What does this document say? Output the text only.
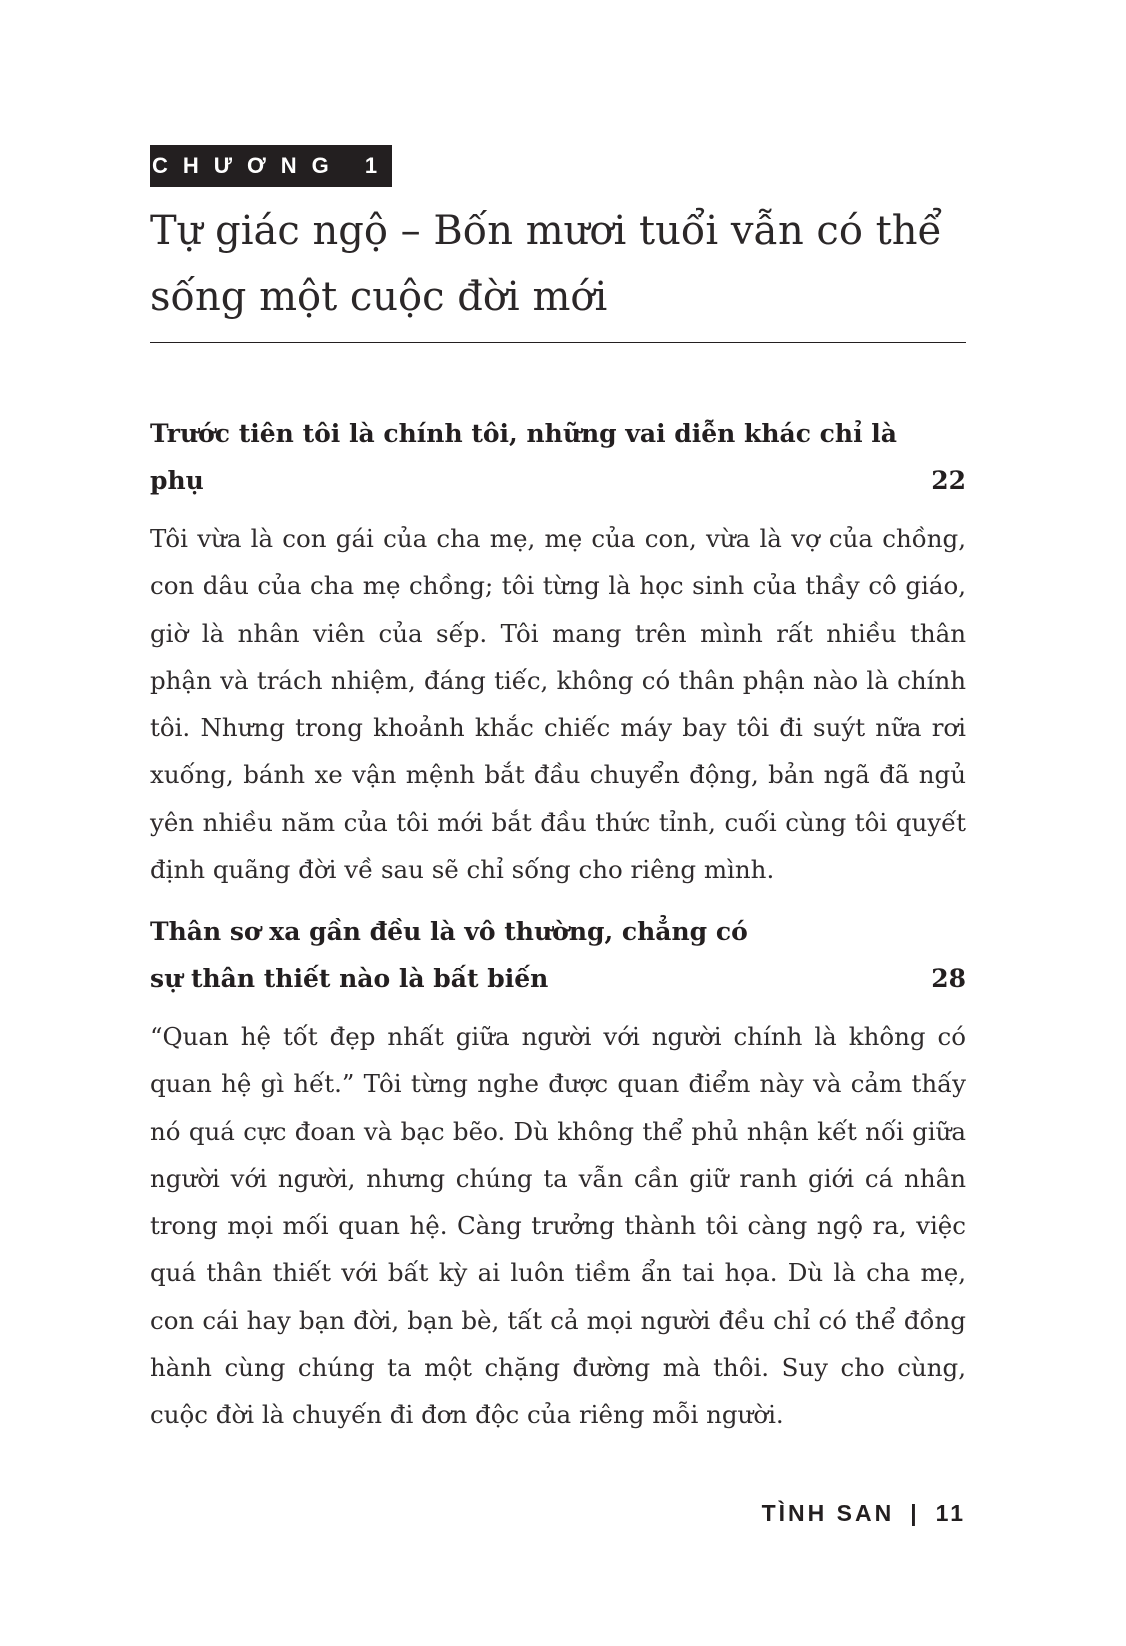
CHƯƠNG 1
Tự giác ngộ – Bốn mươi tuổi vẫn có thể sống một cuộc đời mới
Trước tiên tôi là chính tôi, những vai diễn khác chỉ là phụ	22

Tôi vừa là con gái của cha mẹ, mẹ của con, vừa là vợ của chồng, con dâu của cha mẹ chồng; tôi từng là học sinh của thầy cô giáo, giờ là nhân viên của sếp. Tôi mang trên mình rất nhiều thân phận và trách nhiệm, đáng tiếc, không có thân phận nào là chính tôi. Nhưng trong khoảnh khắc chiếc máy bay tôi đi suýt nữa rơi xuống, bánh xe vận mệnh bắt đầu chuyển động, bản ngã đã ngủ yên nhiều năm của tôi mới bắt đầu thức tỉnh, cuối cùng tôi quyết định quãng đời về sau sẽ chỉ sống cho riêng mình.

Thân sơ xa gần đều là vô thường, chẳng có sự thân thiết nào là bất biến	28

“Quan hệ tốt đẹp nhất giữa người với người chính là không có quan hệ gì hết.” Tôi từng nghe được quan điểm này và cảm thấy nó quá cực đoan và bạc bẽo. Dù không thể phủ nhận kết nối giữa người với người, nhưng chúng ta vẫn cần giữ ranh giới cá nhân trong mọi mối quan hệ. Càng trưởng thành tôi càng ngộ ra, việc quá thân thiết với bất kỳ ai luôn tiềm ẩn tai họa. Dù là cha mẹ, con cái hay bạn đời, bạn bè, tất cả mọi người đều chỉ có thể đồng hành cùng chúng ta một chặng đường mà thôi. Suy cho cùng, cuộc đời là chuyến đi đơn độc của riêng mỗi người.

TÌNH SAN | 11
